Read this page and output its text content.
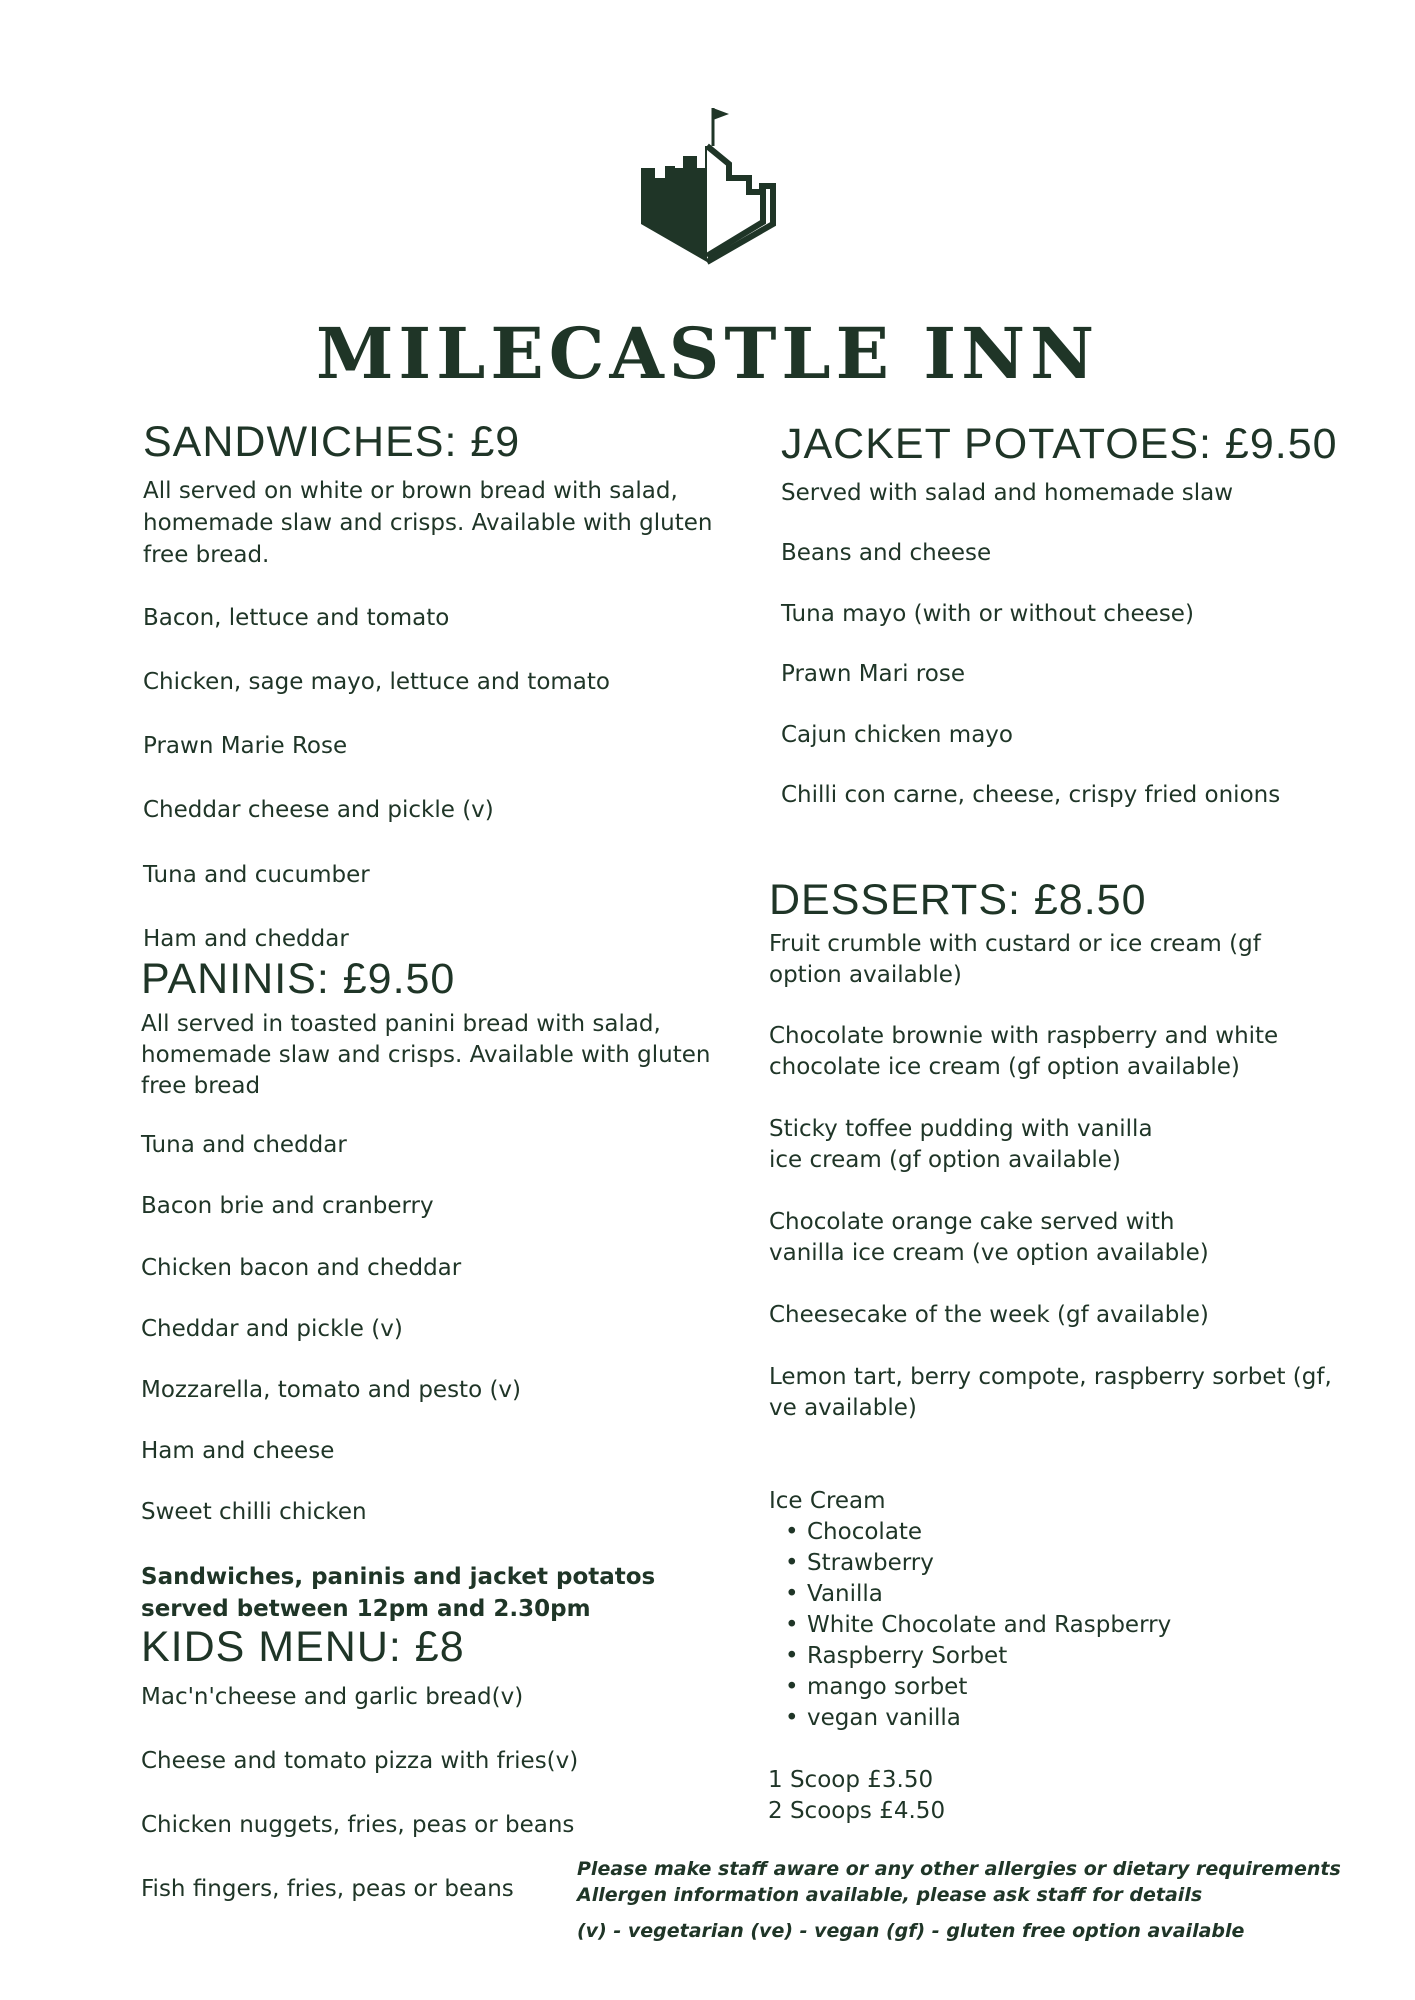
MILECASTLE INN
SANDWICHES: £9
All served on white or brown bread with salad, homemade slaw and crisps. Available with gluten free bread.
Bacon, lettuce and tomato
Chicken, sage mayo, lettuce and tomato
Prawn Marie Rose
Cheddar cheese and pickle (v)
Tuna and cucumber
Ham and cheddar
PANINIS: £9.50
All served in toasted panini bread with salad, homemade slaw and crisps. Available with gluten free bread
Tuna and cheddar
Bacon brie and cranberry
Chicken bacon and cheddar
Cheddar and pickle (v)
Mozzarella, tomato and pesto (v)
Ham and cheese
Sweet chilli chicken
Sandwiches, paninis and jacket potatos served between 12pm and 2.30pm
KIDS MENU: £8
Mac'n'cheese and garlic bread(v)
Cheese and tomato pizza with fries(v)
Chicken nuggets, fries, peas or beans
Fish fingers, fries, peas or beans
JACKET POTATOES: £9.50
Served with salad and homemade slaw
Beans and cheese
Tuna mayo (with or without cheese)
Prawn Mari rose
Cajun chicken mayo
Chilli con carne, cheese, crispy fried onions
DESSERTS: £8.50
Fruit crumble with custard or ice cream (gf option available)
Chocolate brownie with raspberry and white chocolate ice cream (gf option available)
Sticky toffee pudding with vanilla ice cream (gf option available)
Chocolate orange cake served with vanilla ice cream (ve option available)
Cheesecake of the week (gf available)
Lemon tart, berry compote, raspberry sorbet (gf, ve available)
Ice Cream
• Chocolate
• Strawberry
• Vanilla
• White Chocolate and Raspberry
• Raspberry Sorbet
• mango sorbet
• vegan vanilla
1 Scoop £3.50
2 Scoops £4.50
Please make staff aware or any other allergies or dietary requirements
Allergen information available, please ask staff for details
(v) - vegetarian (ve) - vegan (gf) - gluten free option available
